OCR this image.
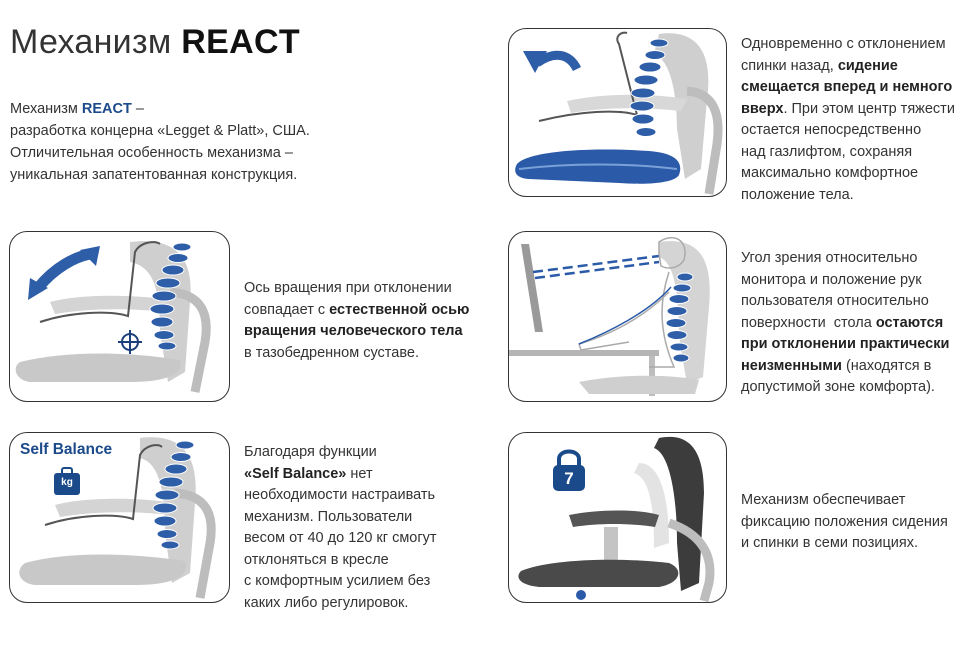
Механизм REACT
Механизм REACT –
разработка концерна «Legget & Platt», США.
Отличительная особенность механизма –
уникальная запатентованная конструкция.
Ось вращения при отклонении
совпадает с естественной осью
вращения человеческого тела
в тазобедренном суставе.
Self Balance
kg
Благодаря функции
«Self Balance» нет
необходимости настраивать
механизм. Пользователи
весом от 40 до 120 кг смогут
отклоняться в кресле
с комфортным усилием без
каких либо регулировок.
Одновременно с отклонением
спинки назад, сидение
смещается вперед и немного
вверх. При этом центр тяжести
остается непосредственно
над газлифтом, сохраняя
максимально комфортное
положение тела.
Угол зрения относительно
монитора и положение рук
пользователя относительно
поверхности  стола остаются
при отклонении практически
неизменными (находятся в
допустимой зоне комфорта).
7
Механизм обеспечивает
фиксацию положения сидения
и спинки в семи позициях.
